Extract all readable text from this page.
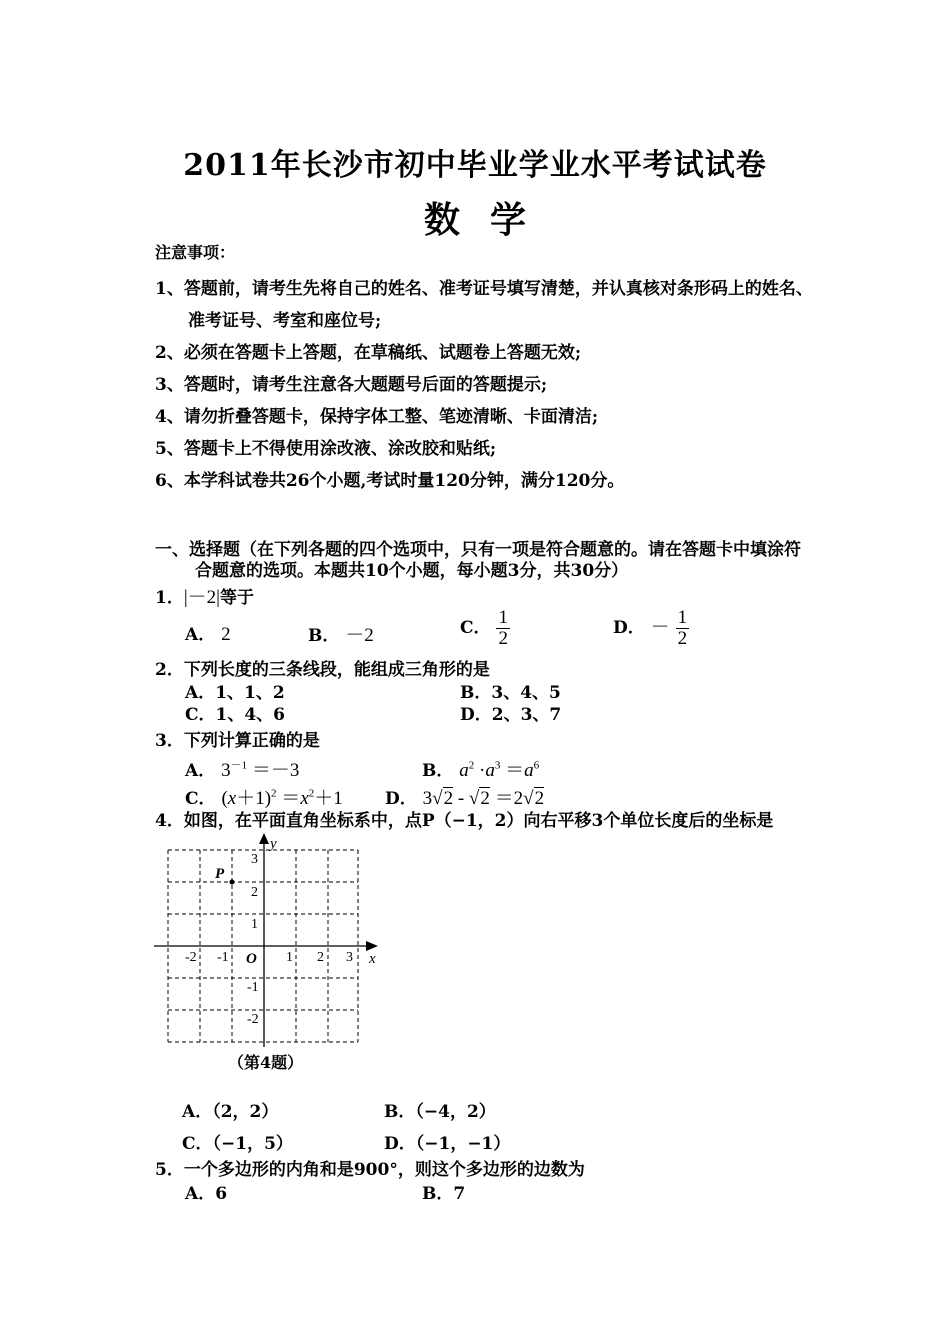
2011年长沙市初中毕业学业水平考试试卷
数学
注意事项：
1、答题前，请考生先将自己的姓名、准考证号填写清楚，并认真核对条形码上的姓名、
准考证号、考室和座位号;
2、必须在答题卡上答题，在草稿纸、试题卷上答题无效;
3、答题时，请考生注意各大题题号后面的答题提示;
4、请勿折叠答题卡，保持字体工整、笔迹清晰、卡面清洁;
5、答题卡上不得使用涂改液、涂改胶和贴纸;
6、本学科试卷共26个小题,考试时量120分钟，满分120分。
一、选择题（在下列各题的四个选项中，只有一项是符合题意的。请在答题卡中填涂符
合题意的选项。本题共10个小题，每小题3分，共30分）
1．|－2|等于
A． 2	B． －2	C． $\frac{1}{2}$	D． － $\frac{1}{2}$
2．下列长度的三条线段，能组成三角形的是
A．1、1、2	B．3、4、5
C．1、4、6	D．2、3、7
3．下列计算正确的是
A． $3^{-1} =-3$	B． $a^2 \cdot a^3 =a^6$
C． $(x+1)^2 =x^2+1$ D． 3√2 - √2 ＝2√2
4．如图，在平面直角坐标系中，点P（−1，2）向右平移3个单位长度后的坐标是
y
x
O
-2 -1	1 2 3
3
2
1
-1
-2
P
（第4题）
A．（2，2）	B．（−4，2）
C．（−1，5）	D．（−1，−1）
5．一个多边形的内角和是900°，则这个多边形的边数为
A．6	B．7
